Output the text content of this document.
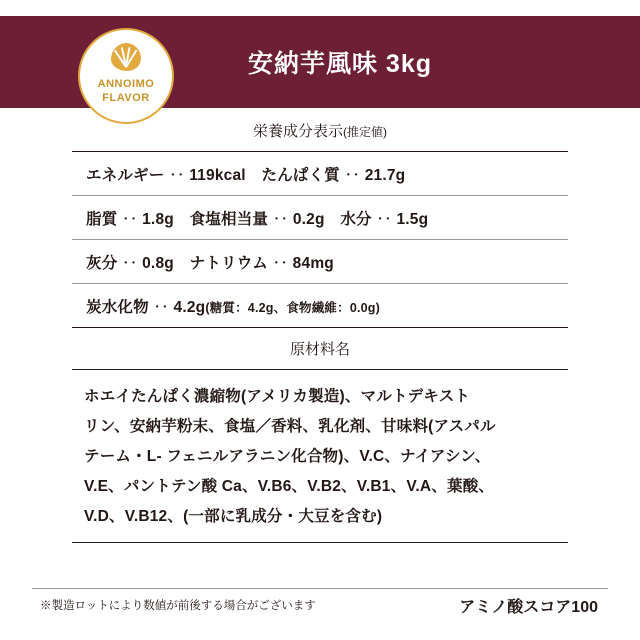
安納芋風味 3kg
ANNOIMO
FLAVOR
栄養成分表示(推定値)
エネルギー ‥ 119kcal　たんぱく質 ‥ 21.7g
脂質 ‥ 1.8g　食塩相当量 ‥ 0.2g　水分 ‥ 1.5g
灰分 ‥ 0.8g　ナトリウム ‥ 84mg
炭水化物 ‥ 4.2g(糖質：4.2g、食物繊維：0.0g)
原材料名
ホエイたんぱく濃縮物(アメリカ製造)、マルトデキスト
リン、安納芋粉末、食塩／香料、乳化剤、甘味料(アスパル
テーム・L- フェニルアラニン化合物)、V.C、ナイアシン、
V.E、パントテン酸 Ca、V.B6、V.B2、V.B1、V.A、葉酸、
V.D、V.B12、(一部に乳成分・大豆を含む)
※製造ロットにより数値が前後する場合がございます	アミノ酸スコア100
